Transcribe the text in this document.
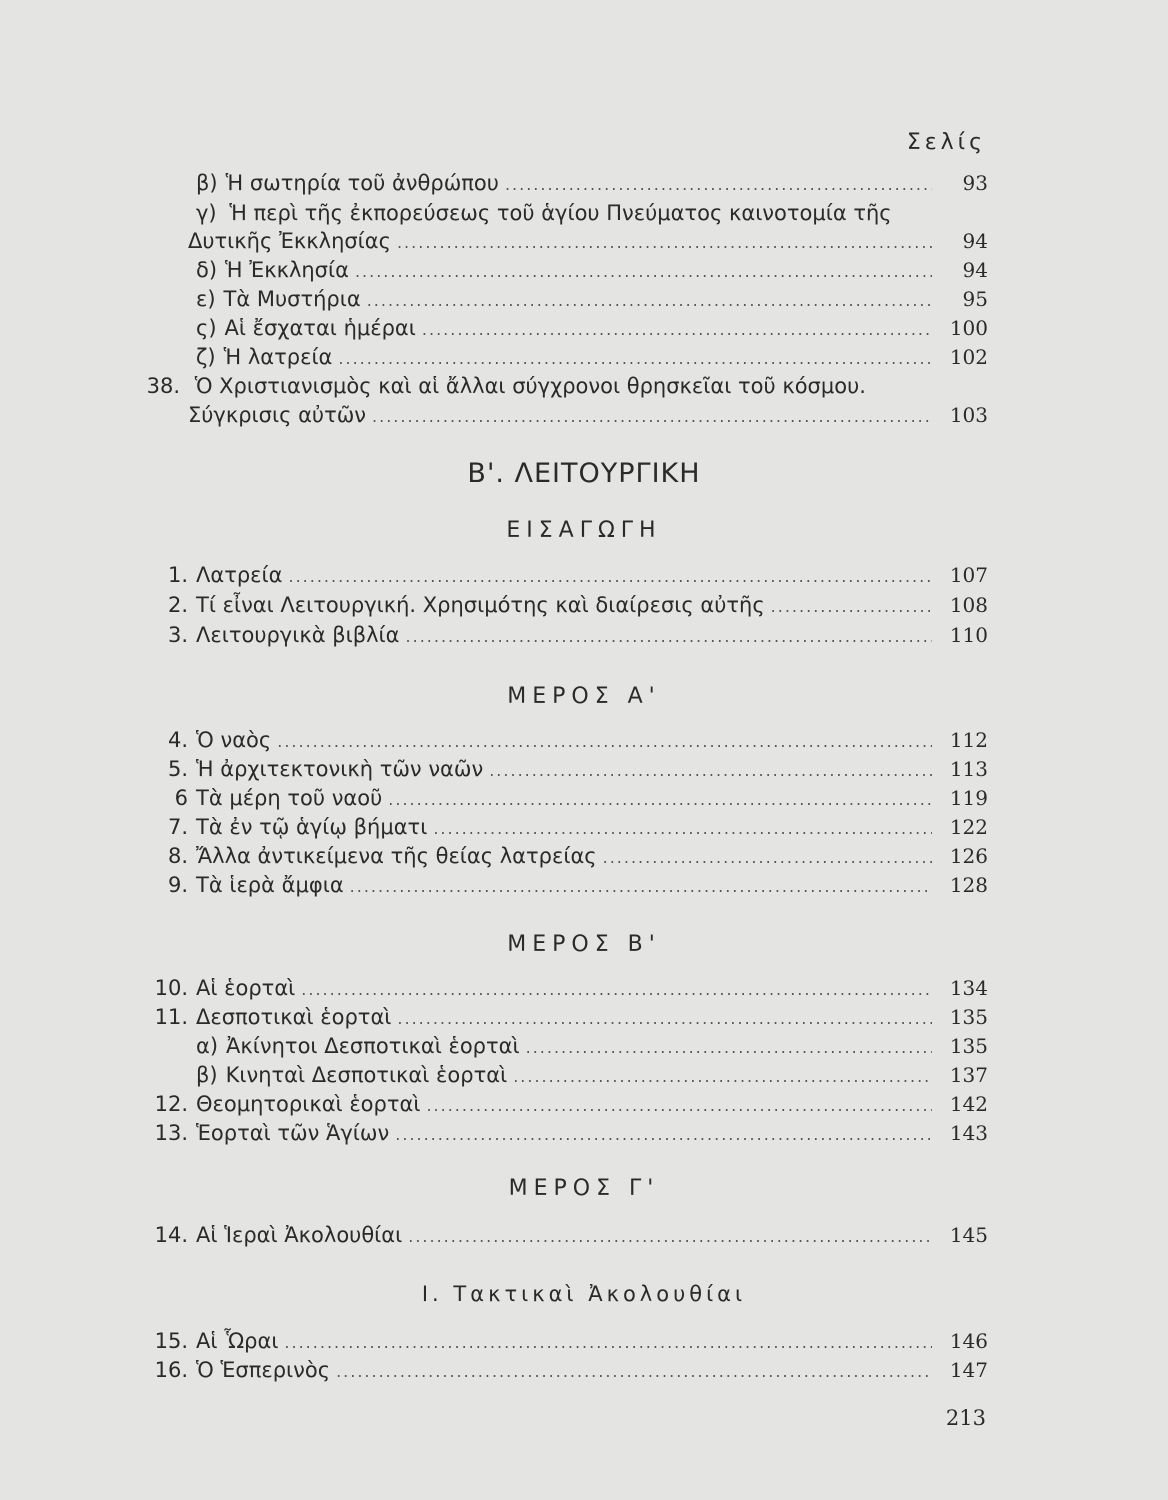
Σελίς
β) Ἡ σωτηρία τοῦ ἀνθρώπου .....	93
γ) Ἡ περὶ τῆς ἐκπορεύσεως τοῦ ἁγίου Πνεύματος καινοτομία τῆς
Δυτικῆς Ἐκκλησίας .....	94
δ) Ἡ Ἐκκλησία .....	94
ε) Τὰ Μυστήρια .....	95
ς) Αἱ ἔσχαται ἡμέραι .....	100
ζ) Ἡ λατρεία .....	102
38. Ὁ Χριστιανισμὸς καὶ αἱ ἄλλαι σύγχρονοι θρησκεῖαι τοῦ κόσμου.
Σύγκρισις αὐτῶν .....	103
Β'. ΛΕΙΤΟΥΡΓΙΚΗ
ΕΙΣΑΓΩΓΗ
1. Λατρεία .....	107
2. Τί εἶναι Λειτουργική. Χρησιμότης καὶ διαίρεσις αὐτῆς .....	108
3. Λειτουργικὰ βιβλία .....	110
ΜΕΡΟΣ Α'
4. Ὁ ναὸς .....	112
5. Ἡ ἀρχιτεκτονικὴ τῶν ναῶν .....	113
6 Τὰ μέρη τοῦ ναοῦ .....	119
7. Τὰ ἐν τῷ ἁγίῳ βήματι .....	122
8. Ἄλλα ἀντικείμενα τῆς θείας λατρείας .....	126
9. Τὰ ἱερὰ ἄμφια .....	128
ΜΕΡΟΣ Β'
10. Αἱ ἑορταὶ .....	134
11. Δεσποτικαὶ ἑορταὶ .....	135
α) Ἀκίνητοι Δεσποτικαὶ ἑορταὶ .....	135
β) Κινηταὶ Δεσποτικαὶ ἑορταὶ .....	137
12. Θεομητορικαὶ ἑορταὶ .....	142
13. Ἑορταὶ τῶν Ἁγίων .....	143
ΜΕΡΟΣ Γ'
14. Αἱ Ἱεραὶ Ἀκολουθίαι .....	145
Ι. Τακτικαὶ Ἀκολουθίαι
15. Αἱ Ὧραι .....	146
16. Ὁ Ἑσπερινὸς .....	147
213
